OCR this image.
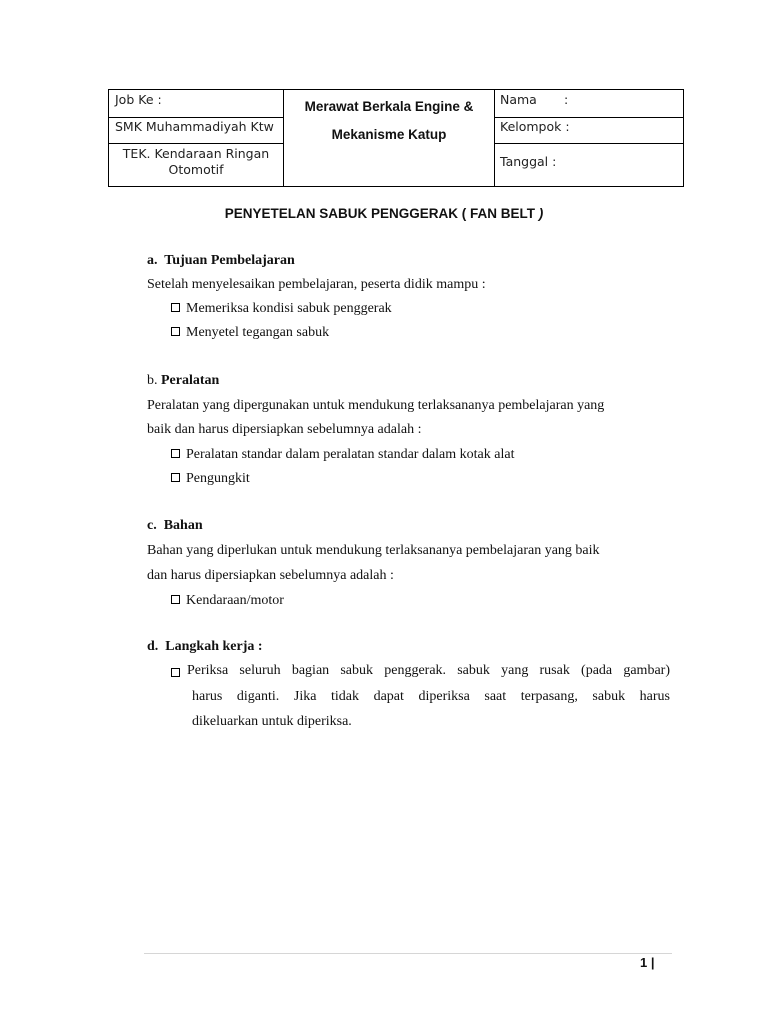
Job Ke :
SMK Muhammadiyah Ktw
TEK. Kendaraan Ringan
Otomotif
Merawat Berkala Engine &
Mekanisme Katup
Nama :
Kelompok :
Tanggal :
PENYETELAN SABUK PENGGERAK ( FAN BELT )
a. Tujuan Pembelajaran
Setelah menyelesaikan pembelajaran, peserta didik mampu :
Memeriksa kondisi sabuk penggerak
Menyetel tegangan sabuk
b. Peralatan
Peralatan yang dipergunakan untuk mendukung terlaksananya pembelajaran yang
baik dan harus dipersiapkan sebelumnya adalah :
Peralatan standar dalam peralatan standar dalam kotak alat
Pengungkit
c. Bahan
Bahan yang diperlukan untuk mendukung terlaksananya pembelajaran yang baik
dan harus dipersiapkan sebelumnya adalah :
Kendaraan/motor
d. Langkah kerja :
Periksa seluruh bagian sabuk penggerak. sabuk yang rusak (pada gambar)
harus diganti. Jika tidak dapat diperiksa saat terpasang, sabuk harus
dikeluarkan untuk diperiksa.
1 |
